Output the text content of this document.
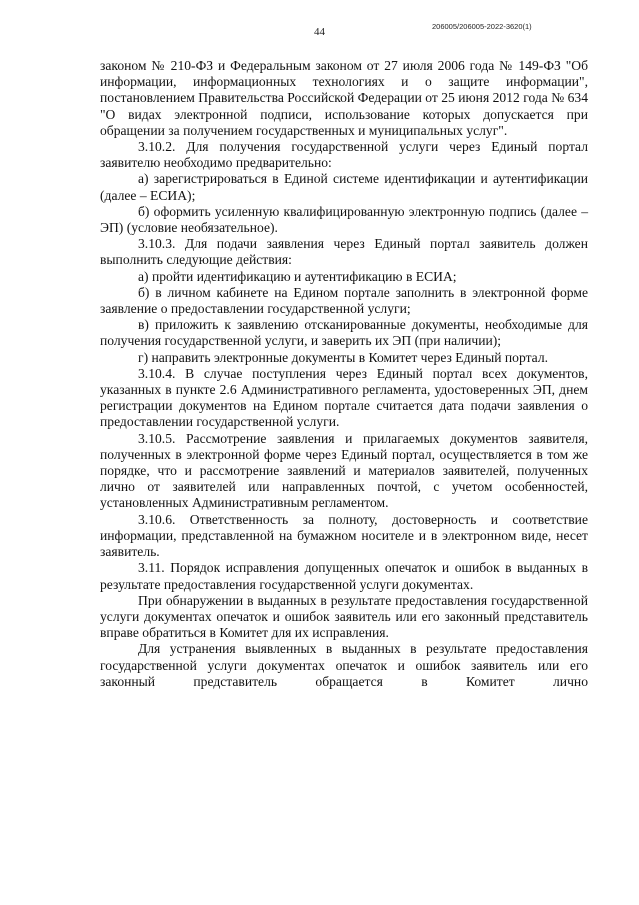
206005/206005-2022-3620(1)
44

законом № 210-ФЗ и Федеральным законом от 27 июля 2006 года № 149-ФЗ "Об информации, информационных технологиях и о защите информации", постановлением Правительства Российской Федерации от 25 июня 2012 года № 634 "О видах электронной подписи, использование которых допускается при обращении за получением государственных и муниципальных услуг".

3.10.2. Для получения государственной услуги через Единый портал заявителю необходимо предварительно:

а) зарегистрироваться в Единой системе идентификации и аутентификации (далее – ЕСИА);

б) оформить усиленную квалифицированную электронную подпись (далее – ЭП) (условие необязательное).

3.10.3. Для подачи заявления через Единый портал заявитель должен выполнить следующие действия:

а) пройти идентификацию и аутентификацию в ЕСИА;

б) в личном кабинете на Едином портале заполнить в электронной форме заявление о предоставлении государственной услуги;

в) приложить к заявлению отсканированные документы, необходимые для получения государственной услуги, и заверить их ЭП (при наличии);

г) направить электронные документы в Комитет через Единый портал.

3.10.4. В случае поступления через Единый портал всех документов, указанных в пункте 2.6 Административного регламента, удостоверенных ЭП, днем регистрации документов на Едином портале считается дата подачи заявления о предоставлении государственной услуги.

3.10.5. Рассмотрение заявления и прилагаемых документов заявителя, полученных в электронной форме через Единый портал, осуществляется в том же порядке, что и рассмотрение заявлений и материалов заявителей, полученных лично от заявителей или направленных почтой, с учетом особенностей, установленных Административным регламентом.

3.10.6. Ответственность за полноту, достоверность и соответствие информации, представленной на бумажном носителе и в электронном виде, несет заявитель.

3.11. Порядок исправления допущенных опечаток и ошибок в выданных в результате предоставления государственной услуги документах.

При обнаружении в выданных в результате предоставления государственной услуги документах опечаток и ошибок заявитель или его законный представитель вправе обратиться в Комитет для их исправления.

Для устранения выявленных в выданных в результате предоставления государственной услуги документах опечаток и ошибок заявитель или его законный представитель обращается в Комитет лично
